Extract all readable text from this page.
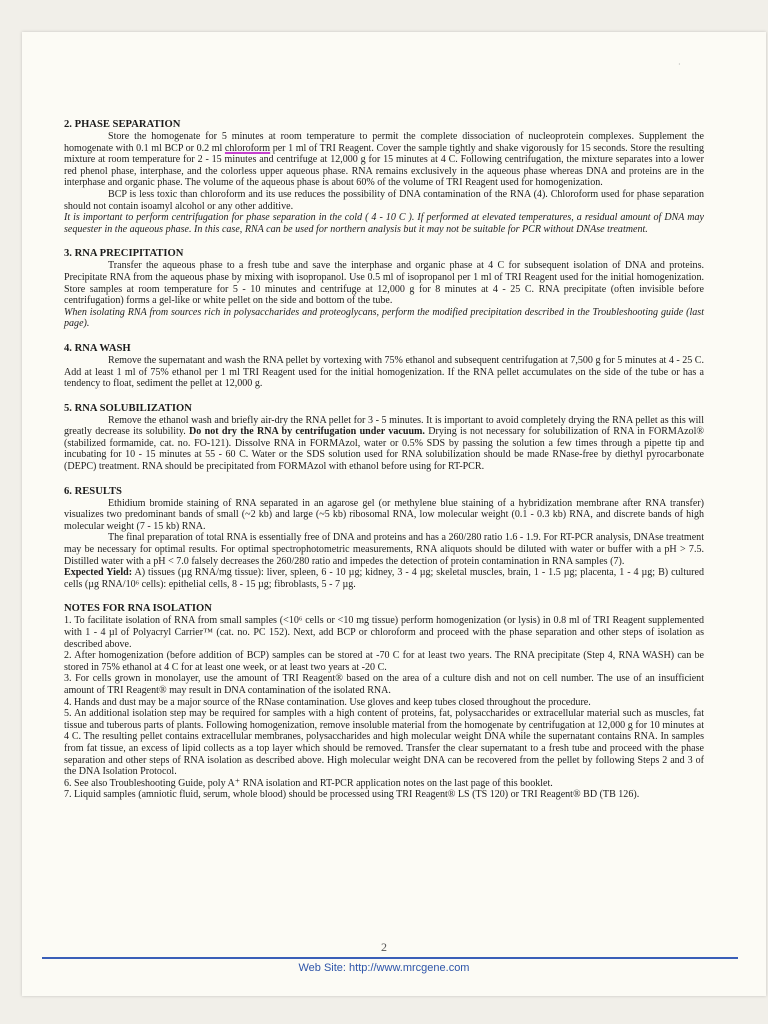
·
2. PHASE SEPARATION

Store the homogenate for 5 minutes at room temperature to permit the complete dissociation of nucleoprotein complexes. Supplement the homogenate with 0.1 ml BCP or 0.2 ml chloroform per 1 ml of TRI Reagent. Cover the sample tightly and shake vigorously for 15 seconds. Store the resulting mixture at room temperature for 2 - 15 minutes and centrifuge at 12,000 g for 15 minutes at 4 C. Following centrifugation, the mixture separates into a lower red phenol phase, interphase, and the colorless upper aqueous phase. RNA remains exclusively in the aqueous phase whereas DNA and proteins are in the interphase and organic phase. The volume of the aqueous phase is about 60% of the volume of TRI Reagent used for homogenization.

BCP is less toxic than chloroform and its use reduces the possibility of DNA contamination of the RNA (4). Chloroform used for phase separation should not contain isoamyl alcohol or any other additive.

It is important to perform centrifugation for phase separation in the cold ( 4 - 10 C ). If performed at elevated temperatures, a residual amount of DNA may sequester in the aqueous phase. In this case, RNA can be used for northern analysis but it may not be suitable for PCR without DNAse treatment.

3. RNA PRECIPITATION

Transfer the aqueous phase to a fresh tube and save the interphase and organic phase at 4 C for subsequent isolation of DNA and proteins. Precipitate RNA from the aqueous phase by mixing with isopropanol. Use 0.5 ml of isopropanol per 1 ml of TRI Reagent used for the initial homogenization. Store samples at room temperature for 5 - 10 minutes and centrifuge at 12,000 g for 8 minutes at 4 - 25 C. RNA precipitate (often invisible before centrifugation) forms a gel-like or white pellet on the side and bottom of the tube.

When isolating RNA from sources rich in polysaccharides and proteoglycans, perform the modified precipitation described in the Troubleshooting guide (last page).

4. RNA WASH

Remove the supernatant and wash the RNA pellet by vortexing with 75% ethanol and subsequent centrifugation at 7,500 g for 5 minutes at 4 - 25 C. Add at least 1 ml of 75% ethanol per 1 ml TRI Reagent used for the initial homogenization. If the RNA pellet accumulates on the side of the tube or has a tendency to float, sediment the pellet at 12,000 g.

5. RNA SOLUBILIZATION

Remove the ethanol wash and briefly air-dry the RNA pellet for 3 - 5 minutes. It is important to avoid completely drying the RNA pellet as this will greatly decrease its solubility. Do not dry the RNA by centrifugation under vacuum. Drying is not necessary for solubilization of RNA in FORMAzol® (stabilized formamide, cat. no. FO-121). Dissolve RNA in FORMAzol, water or 0.5% SDS by passing the solution a few times through a pipette tip and incubating for 10 - 15 minutes at 55 - 60 C. Water or the SDS solution used for RNA solubilization should be made RNase-free by diethyl pyrocarbonate (DEPC) treatment. RNA should be precipitated from FORMAzol with ethanol before using for RT-PCR.

6. RESULTS

Ethidium bromide staining of RNA separated in an agarose gel (or methylene blue staining of a hybridization membrane after RNA transfer) visualizes two predominant bands of small (~2 kb) and large (~5 kb) ribosomal RNA, low molecular weight (0.1 - 0.3 kb) RNA, and discrete bands of high molecular weight (7 - 15 kb) RNA.

The final preparation of total RNA is essentially free of DNA and proteins and has a 260/280 ratio 1.6 - 1.9. For RT-PCR analysis, DNAse treatment may be necessary for optimal results. For optimal spectrophotometric measurements, RNA aliquots should be diluted with water or buffer with a pH > 7.5. Distilled water with a pH < 7.0 falsely decreases the 260/280 ratio and impedes the detection of protein contamination in RNA samples (7).

Expected Yield: A) tissues (µg RNA/mg tissue): liver, spleen, 6 - 10 µg; kidney, 3 - 4 µg; skeletal muscles, brain, 1 - 1.5 µg; placenta, 1 - 4 µg; B) cultured cells (µg RNA/10⁶ cells): epithelial cells, 8 - 15 µg; fibroblasts, 5 - 7 µg.

NOTES FOR RNA ISOLATION

1. To facilitate isolation of RNA from small samples (<10⁶ cells or <10 mg tissue) perform homogenization (or lysis) in 0.8 ml of TRI Reagent supplemented with 1 - 4 µl of Polyacryl Carrier™ (cat. no. PC 152). Next, add BCP or chloroform and proceed with the phase separation and other steps of isolation as described above.

2. After homogenization (before addition of BCP) samples can be stored at -70 C for at least two years. The RNA precipitate (Step 4, RNA WASH) can be stored in 75% ethanol at 4 C for at least one week, or at least two years at -20 C.

3. For cells grown in monolayer, use the amount of TRI Reagent® based on the area of a culture dish and not on cell number. The use of an insufficient amount of TRI Reagent® may result in DNA contamination of the isolated RNA.

4. Hands and dust may be a major source of the RNase contamination. Use gloves and keep tubes closed throughout the procedure.

5. An additional isolation step may be required for samples with a high content of proteins, fat, polysaccharides or extracellular material such as muscles, fat tissue and tuberous parts of plants. Following homogenization, remove insoluble material from the homogenate by centrifugation at 12,000 g for 10 minutes at 4 C. The resulting pellet contains extracellular membranes, polysaccharides and high molecular weight DNA while the supernatant contains RNA. In samples from fat tissue, an excess of lipid collects as a top layer which should be removed. Transfer the clear supernatant to a fresh tube and proceed with the phase separation and other steps of RNA isolation as described above. High molecular weight DNA can be recovered from the pellet by following Steps 2 and 3 of the DNA Isolation Protocol.

6. See also Troubleshooting Guide, poly A⁺ RNA isolation and RT-PCR application notes on the last page of this booklet.

7. Liquid samples (amniotic fluid, serum, whole blood) should be processed using TRI Reagent® LS (TS 120) or TRI Reagent® BD (TB 126).

2
Web Site: http://www.mrcgene.com
